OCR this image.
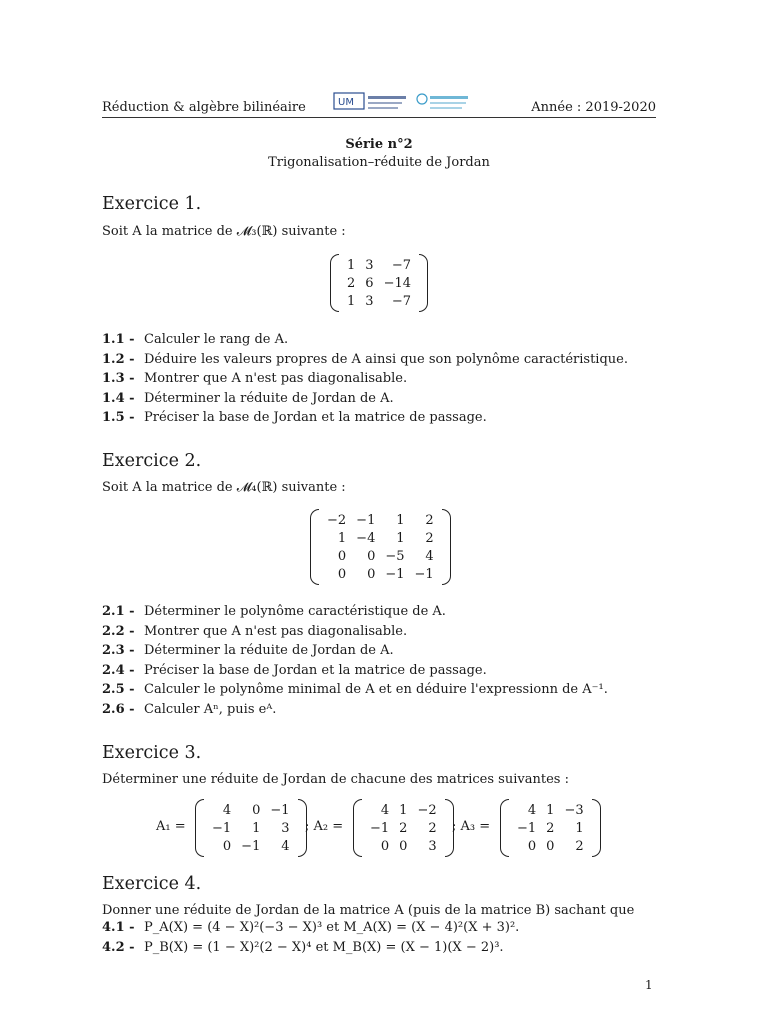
Réduction & algèbre bilinéaire	UM	Année : 2019-2020
Série n°2
Trigonalisation–réduite de Jordan
Exercice 1.

Soit A la matrice de 𝓜₃(ℝ) suivante :

1	3	−7
2	6	−14
1	3	−7
1.1 - Calculer le rang de A.
1.2 - Déduire les valeurs propres de A ainsi que son polynôme caractéristique.
1.3 - Montrer que A n'est pas diagonalisable.
1.4 - Déterminer la réduite de Jordan de A.
1.5 - Préciser la base de Jordan et la matrice de passage.
Exercice 2.

Soit A la matrice de 𝓜₄(ℝ) suivante :

−2	−1	1	2
1	−4	1	2
0	0	−5	4
0	0	−1	−1
2.1 - Déterminer le polynôme caractéristique de A.
2.2 - Montrer que A n'est pas diagonalisable.
2.3 - Déterminer la réduite de Jordan de A.
2.4 - Préciser la base de Jordan et la matrice de passage.
2.5 - Calculer le polynôme minimal de A et en déduire l'expressionn de A⁻¹.
2.6 - Calculer Aⁿ, puis eᴬ.
Exercice 3.

Déterminer une réduite de Jordan de chacune des matrices suivantes :

A₁ =
4	0	−1
−1	1	3
0	−1	4
; A₂ =
4	1	−2
−1	2	2
0	0	3
; A₃ =
4	1	−3
−1	2	1
0	0	2
Exercice 4.

Donner une réduite de Jordan de la matrice A (puis de la matrice B) sachant que

4.1 - P_A(X) = (4 − X)²(−3 − X)³ et M_A(X) = (X − 4)²(X + 3)².
4.2 - P_B(X) = (1 − X)²(2 − X)⁴ et M_B(X) = (X − 1)(X − 2)³.
1
